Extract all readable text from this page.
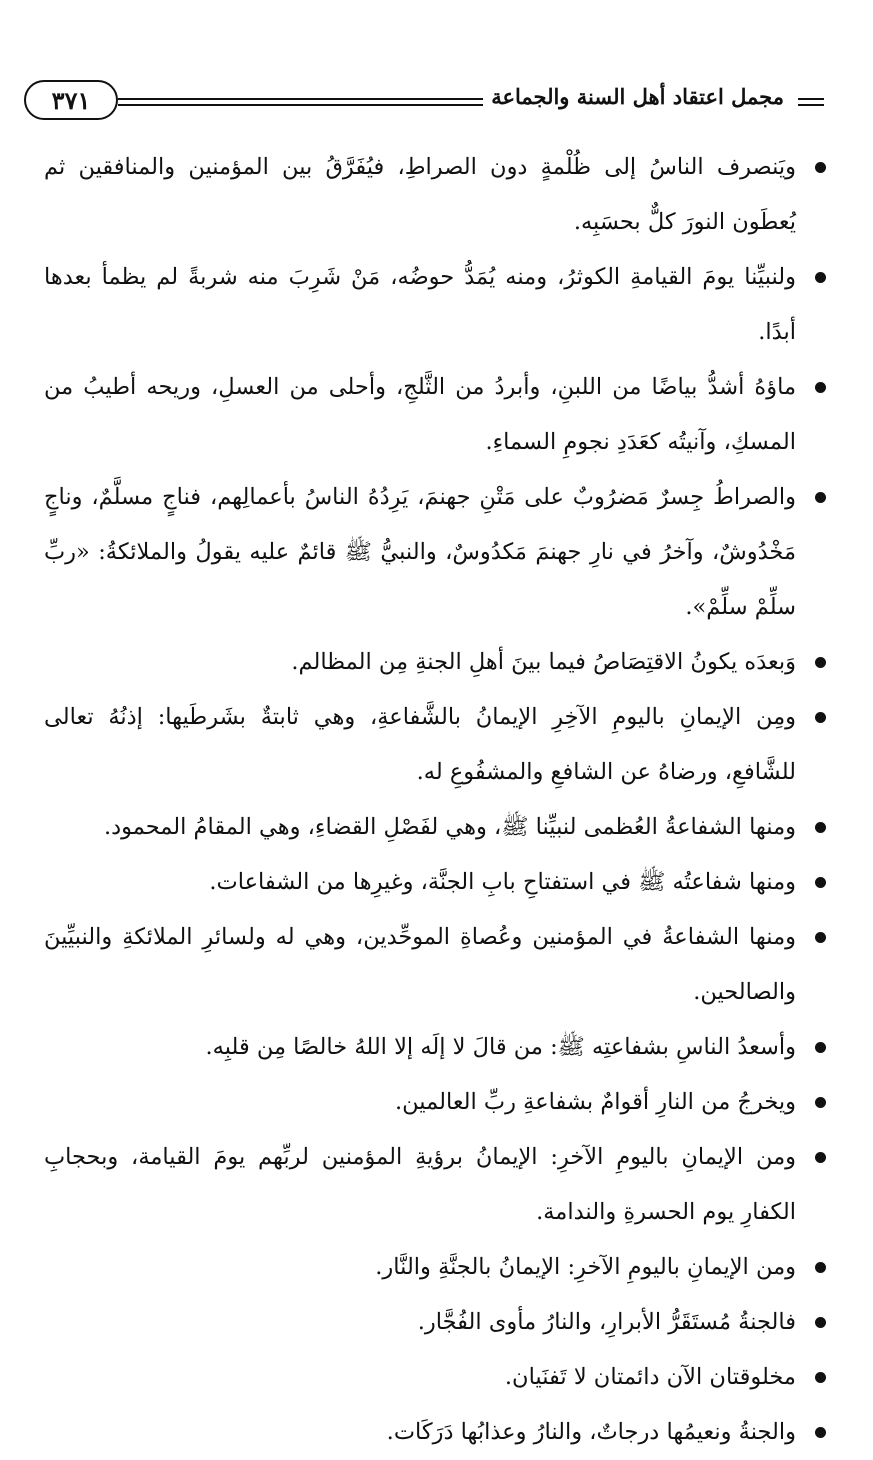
٣٧١	مجمل اعتقاد أهل السنة والجماعة
ويَنصرف الناسُ إلى ظُلْمةٍ دون الصراطِ، فيُفَرَّقُ بين المؤمنين والمنافقين ثم يُعطَون النورَ كلٌّ بحسَبِه.
ولنبيِّنا يومَ القيامةِ الكوثرُ، ومنه يُمَدُّ حوضُه، مَنْ شَرِبَ منه شربةً لم يظمأ بعدها أبدًا.
ماؤهُ أشدُّ بياضًا من اللبنِ، وأبردُ من الثَّلجِ، وأحلى من العسلِ، وريحه أطيبُ من المسكِ، وآنيتُه كعَدَدِ نجومِ السماءِ.
والصراطُ جِسرٌ مَضرُوبٌ على مَتْنِ جهنمَ، يَرِدُهُ الناسُ بأعمالِهم، فناجٍ مسلَّمٌ، وناجٍ مَخْدُوشٌ، وآخرُ في نارِ جهنمَ مَكدُوسٌ، والنبيُّ ﷺ قائمٌ عليه يقولُ والملائكةُ: «ربِّ سلِّمْ سلِّمْ».
وَبعدَه يكونُ الاقتِصَاصُ فيما بينَ أهلِ الجنةِ مِن المظالم.
ومِن الإيمانِ باليومِ الآخِرِ الإيمانُ بالشَّفاعةِ، وهي ثابتةٌ بشَرطَيها: إذنُهُ تعالى للشَّافعِ، ورضاهُ عن الشافعِ والمشفُوعِ له.
ومنها الشفاعةُ العُظمى لنبيِّنا ﷺ، وهي لفَصْلِ القضاءِ، وهي المقامُ المحمود.
ومنها شفاعتُه ﷺ في استفتاحِ بابِ الجنَّة، وغيرِها من الشفاعات.
ومنها الشفاعةُ في المؤمنين وعُصاةِ الموحِّدين، وهي له ولسائرِ الملائكةِ والنبيِّينَ والصالحين.
وأسعدُ الناسِ بشفاعتِه ﷺ: من قالَ لا إلَه إلا اللهُ خالصًا مِن قلبِه.
ويخرجُ من النارِ أقوامٌ بشفاعةِ ربِّ العالمين.
ومن الإيمانِ باليومِ الآخرِ: الإيمانُ برؤيةِ المؤمنين لربِّهم يومَ القيامة، وبحجابِ الكفارِ يوم الحسرةِ والندامة.
ومن الإيمانِ باليومِ الآخرِ: الإيمانُ بالجنَّةِ والنَّار.
فالجنةُ مُستَقَرُّ الأبرارِ، والنارُ مأوى الفُجَّار.
مخلوقتان الآن دائمتان لا تَفنَيان.
والجنةُ ونعيمُها درجاتٌ، والنارُ وعذابُها دَرَكَات.
